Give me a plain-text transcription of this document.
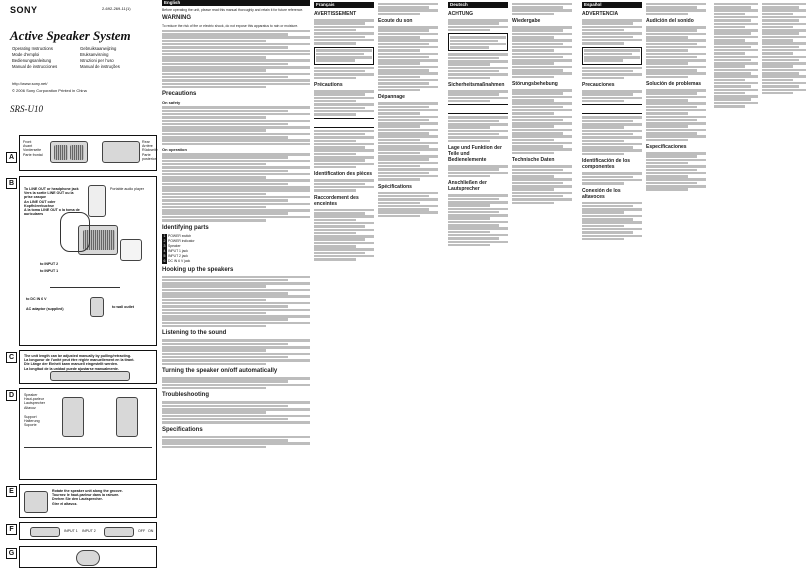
SONY	2-692-269-11(1)
Active Speaker System
Operating Instructions
Mode d’emploi
Bedienungsanleitung
Manual de instrucciones
Gebruiksaanwijzing
Bruksanvisning
Istruzioni per l’uso
Manual de instruções
http://www.sony.net/
© 2006 Sony Corporation Printed in China
SRS-U10
A
Front
Avant
Vorderseite
Parte frontal
Rear
Arrière
Rückseite
Parte posterior
B
To LINE OUT or headphone jack
Vers la sortie LINE OUT ou la prise casque
An LINE OUT oder Kopfhörerbuchse
A la toma LINE OUT o la toma de auriculares
Portable audio player
to INPUT 2
to INPUT 1
to DC IN 6 V
AC adaptor (supplied)	to wall outlet
C	The unit length can be adjusted manually by pulling/retracting.
La longueur de l’unité peut être réglée manuellement en la tirant.
Die Länge der Einheit kann manuell eingestellt werden.
La longitud de la unidad puede ajustarse manualmente.
D	Speaker
Haut-parleur
Lautsprecher
Altavoz
Support
Halterung
Soporte
E	Rotate the speaker unit along the groove.
Tournez le haut-parleur dans la rainure.
Drehen Sie den Lautsprecher.
Gire el altavoz.
F	INPUT 1 INPUT 2	OFF ON
G
English

Before operating the unit, please read this manual thoroughly and retain it for future reference.

WARNING

To reduce the risk of fire or electric shock, do not expose this apparatus to rain or moisture.

Precautions
On safety
On operation
Identifying parts
1 POWER switch
2 POWER indicator
3 Speaker
4 INPUT 1 jack
5 INPUT 2 jack
6 DC IN 6 V jack
Hooking up the speakers
Listening to the sound
Turning the speaker on/off automatically
Troubleshooting
Specifications
Français
AVERTISSEMENT
Précautions

Identification des pièces
Raccordement des enceintes
Ecoute du son
Dépannage
Spécifications
Deutsch
ACHTUNG
Sicherheitsmaßnahmen

Lage und Funktion der Teile und Bedienelemente
Anschließen der Lautsprecher
Wiedergabe
Störungsbehebung
Technische Daten
Español
ADVERTENCIA
Precauciones

Identificación de los componentes
Conexión de los altavoces
Audición del sonido
Solución de problemas
Especificaciones
